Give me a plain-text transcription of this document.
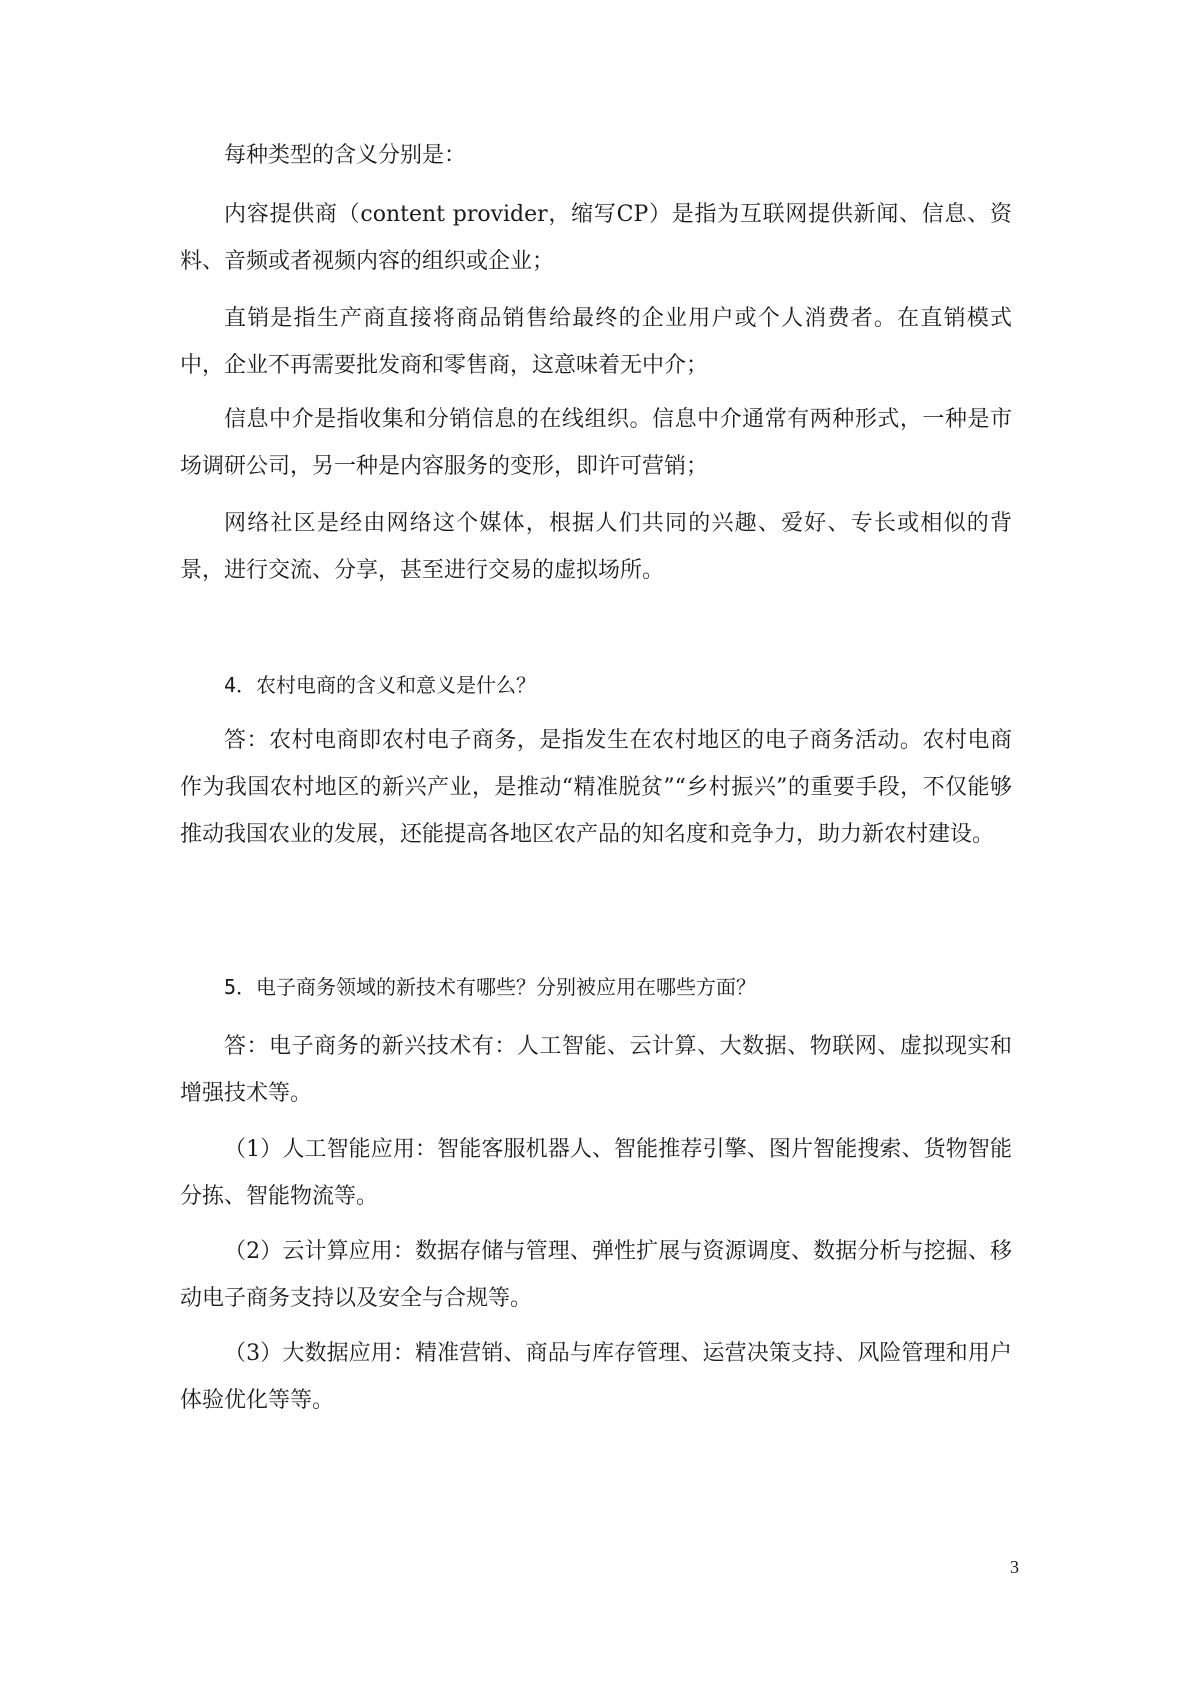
每种类型的含义分别是：

内容提供商（content provider，缩写CP）是指为互联网提供新闻、信息、资料、音频或者视频内容的组织或企业；

直销是指生产商直接将商品销售给最终的企业用户或个人消费者。在直销模式中，企业不再需要批发商和零售商，这意味着无中介；

信息中介是指收集和分销信息的在线组织。信息中介通常有两种形式，一种是市场调研公司，另一种是内容服务的变形，即许可营销；

网络社区是经由网络这个媒体，根据人们共同的兴趣、爱好、专长或相似的背景，进行交流、分享，甚至进行交易的虚拟场所。

4．农村电商的含义和意义是什么？

答：农村电商即农村电子商务，是指发生在农村地区的电子商务活动。农村电商作为我国农村地区的新兴产业，是推动“精准脱贫”“乡村振兴”的重要手段，不仅能够推动我国农业的发展，还能提高各地区农产品的知名度和竞争力，助力新农村建设。

5．电子商务领域的新技术有哪些？分别被应用在哪些方面？

答：电子商务的新兴技术有：人工智能、云计算、大数据、物联网、虚拟现实和增强技术等。

（1）人工智能应用：智能客服机器人、智能推荐引擎、图片智能搜索、货物智能分拣、智能物流等。

（2）云计算应用：数据存储与管理、弹性扩展与资源调度、数据分析与挖掘、移动电子商务支持以及安全与合规等。

（3）大数据应用：精准营销、商品与库存管理、运营决策支持、风险管理和用户体验优化等等。

3
